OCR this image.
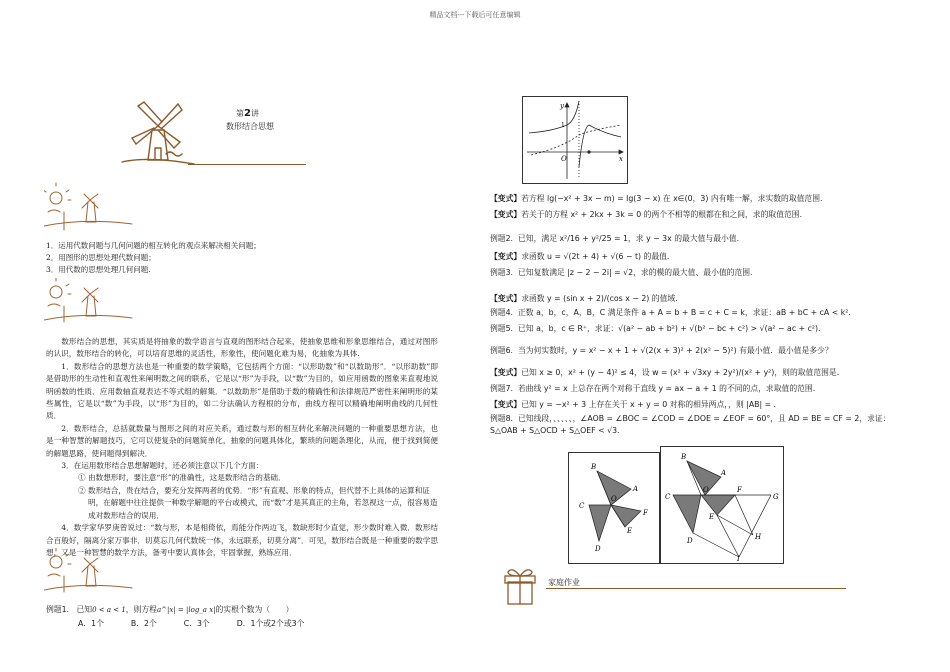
精品文档---下载后可任意编辑
第2讲
数形结合思想
1．运用代数问题与几何问题的相互转化的观点来解决相关问题；
2．用图形的思想处理代数问题；
3．用代数的思想处理几何问题.
数形结合的思想，其实质是将抽象的数学语言与直观的图形结合起来，使抽象思维和形象思维结合，通过对图形的认识，数形结合的转化，可以培育思维的灵活性，形象性，使问题化难为易，化抽象为具体.
1．数形结合的思想方法也是一种重要的数学策略，它包括两个方面：“以形助数”和“以数助形”．“以形助数”即是借助形的生动性和直观性来阐明数之间的联系，它是以“形”为手段，以“数”为目的，如应用函数的图象来直观地说明函数的性质．应用数轴直观表达不等式组的解集．“以数助形”是借助于数的精确性和法律规范严密性来阐明形的某些属性，它是以“数”为手段，以“形”为目的，如二分法确认方程根的分布，曲线方程可以精确地阐明曲线的几何性质．
2．数形结合，总括就数量与图形之间的对应关系，通过数与形的相互转化来解决问题的一种重要思想方法，也是一种智慧的解题技巧，它可以使复杂的问题简单化，抽象的问题具体化，繁琐的问题条理化，从而，便于找到简便的解题思路，使问题得到解决．
3．在运用数形结合思想解题时，还必须注意以下几个方面：
① 由数想形时，要注意“形”的准确性，这是数形结合的基础．
② 数形结合，贵在结合，要充分发挥两者的优势．“形”有直观、形象的特点，但代替不上具体的运算和证明，在解题中往往提供一种数学解题的平台或模式，而“数”才是其真正的主角，若忽视这一点，很容易造成对数形结合的误用．
4．数学家华罗庚曾说过：“数与形，本是相倚依，焉能分作两边飞，数缺形时少直觉，形少数时难入微．数形结合百般好，隔离分家万事非．切莫忘几何代数统一体，永远联系，切莫分离”．可见，数形结合既是一种重要的数学思想，又是一种智慧的数学方法，备考中要认真体会，牢固掌握，熟练应用．
例题1. 已知0 < a < 1，则方程a^|x| = |log_a x|的实根个数为（　　）
A．1个	B．2个	C．3个	D．1个或2个或3个
y
x
O
1
【变式】若方程 lg(−x² + 3x − m) = lg(3 − x) 在 x∈(0，3) 内有唯一解，求实数的取值范围.
【变式】若关于的方程 x² + 2kx + 3k = 0 的两个不相等的根都在和之间，求的取值范围.
例题2. 已知，满足 x²/16 + y²/25 = 1，求 y − 3x 的最大值与最小值.
【变式】求函数 u = √(2t + 4) + √(6 − t) 的最值.
例题3. 已知复数满足 |z − 2 − 2i| = √2，求的模的最大值、最小值的范围.
【变式】求函数 y = (sin x + 2)/(cos x − 2) 的值域.
例题4. 正数 a，b，c，A，B，C 满足条件 a + A = b + B = c + C = k，求证：aB + bC + cA < k².
例题5. 已知 a，b，c ∈ R⁺，求证：√(a² − ab + b²) + √(b² − bc + c²) > √(a² − ac + c²).
例题6. 当为何实数时，y = x² − x + 1 + √(2(x + 3)² + 2(x² − 5)²) 有最小值．最小值是多少？
【变式】已知 x ≥ 0，x² + (y − 4)² ≤ 4，设 w = (x² + √3xy + 2y²)/(x² + y²)，则的取值范围是．
例题7. 若曲线 y² = x 上总存在两个对称于直线 y = ax − a + 1 的不同的点，求取值的范围.
【变式】已知 y = −x² + 3 上存在关于 x + y = 0 对称的相异两点，，则 |AB| = ．
例题8. 已知线段，、、、、、，∠AOB = ∠BOC = ∠COD = ∠DOE = ∠EOF = 60°，且 AD = BE = CF = 2，求证：S△OAB + S△OCD + S△OEF < √3.
B
A
C
O
E
F
D
B
A
C
O	F
G
E
H
D
I
家庭作业
